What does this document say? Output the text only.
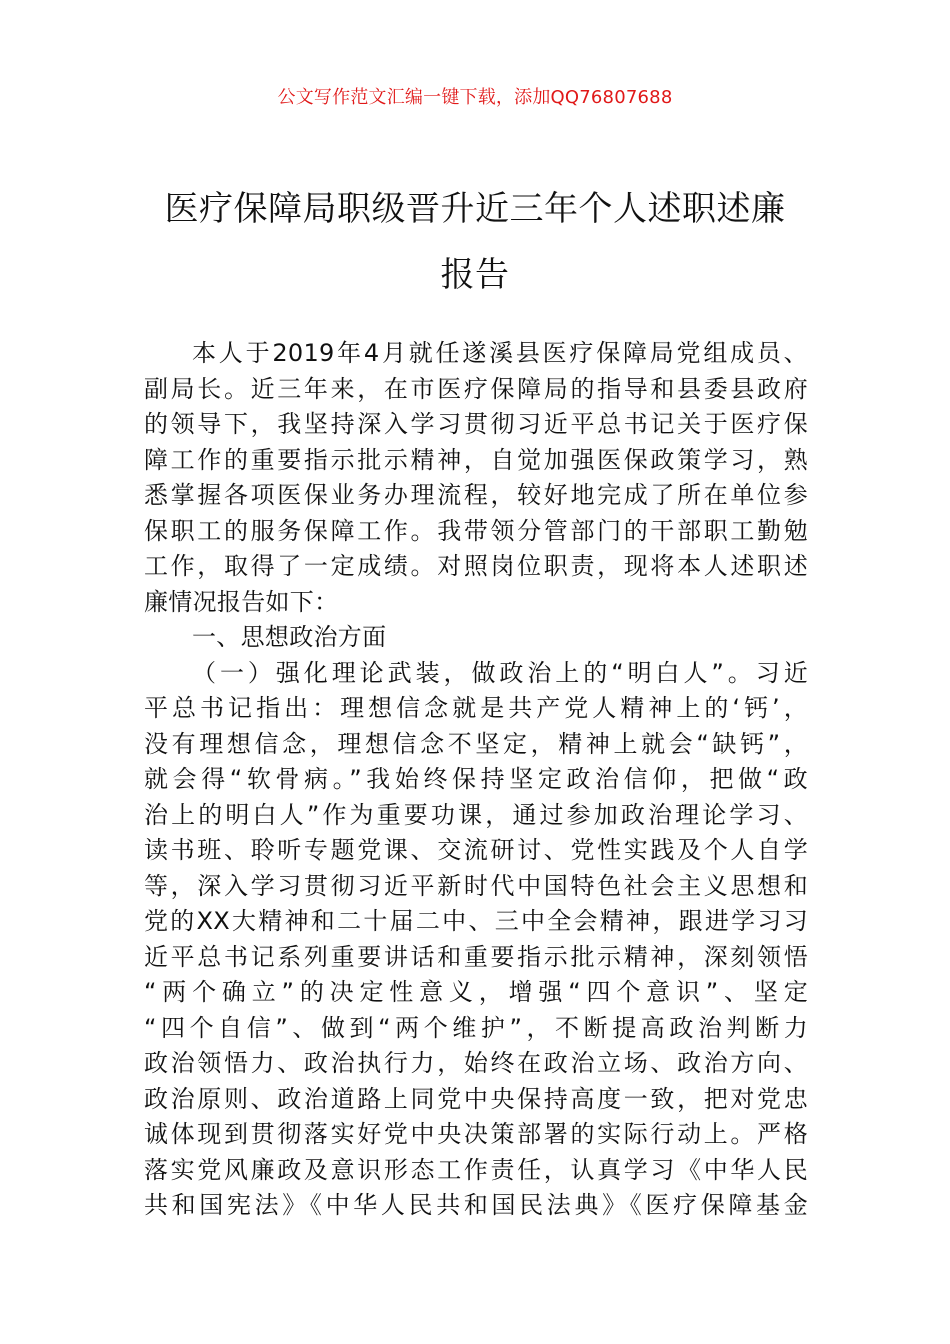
公文写作范文汇编一键下载，添加QQ76807688
医疗保障局职级晋升近三年个人述职述廉
报告
本人于2019年4月就任遂溪县医疗保障局党组成员、
副局长。近三年来，在市医疗保障局的指导和县委县政府
的领导下，我坚持深入学习贯彻习近平总书记关于医疗保
障工作的重要指示批示精神，自觉加强医保政策学习，熟
悉掌握各项医保业务办理流程，较好地完成了所在单位参
保职工的服务保障工作。我带领分管部门的干部职工勤勉
工作，取得了一定成绩。对照岗位职责，现将本人述职述
廉情况报告如下：
一、思想政治方面
（一）强化理论武装，做政治上的“明白人”。习近
平总书记指出：理想信念就是共产党人精神上的‘钙’，
没有理想信念，理想信念不坚定，精神上就会“缺钙”，
就会得“软骨病。”我始终保持坚定政治信仰，把做“政
治上的明白人”作为重要功课，通过参加政治理论学习、
读书班、聆听专题党课、交流研讨、党性实践及个人自学
等，深入学习贯彻习近平新时代中国特色社会主义思想和
党的XX大精神和二十届二中、三中全会精神，跟进学习习
近平总书记系列重要讲话和重要指示批示精神，深刻领悟
“两个确立”的决定性意义，增强“四个意识”、坚定
“四个自信”、做到“两个维护”，不断提高政治判断力
政治领悟力、政治执行力，始终在政治立场、政治方向、
政治原则、政治道路上同党中央保持高度一致，把对党忠
诚体现到贯彻落实好党中央决策部署的实际行动上。严格
落实党风廉政及意识形态工作责任，认真学习《中华人民
共和国宪法》《中华人民共和国民法典》《医疗保障基金
